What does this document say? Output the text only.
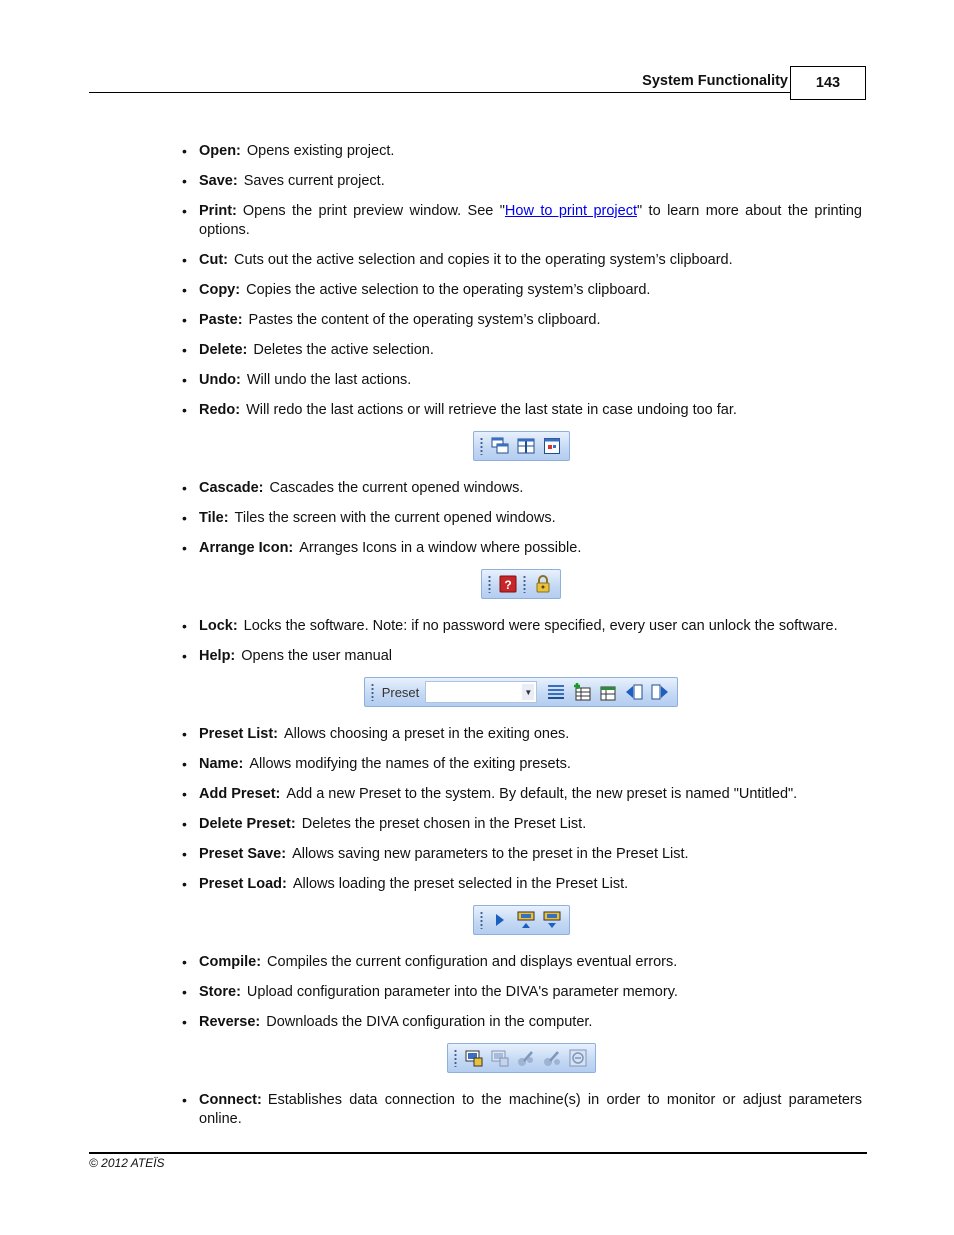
System Functionality 143
• Open: Opens existing project.
• Save: Saves current project.
• Print: Opens the print preview window. See "How to print project" to learn more about the printing options.
• Cut: Cuts out the active selection and copies it to the operating system’s clipboard.
• Copy: Copies the active selection to the operating system’s clipboard.
• Paste: Pastes the content of the operating system’s clipboard.
• Delete: Deletes the active selection.
• Undo: Will undo the last actions.
• Redo: Will redo the last actions or will retrieve the last state in case undoing too far.
• Cascade: Cascades the current opened windows.
• Tile: Tiles the screen with the current opened windows.
• Arrange Icon: Arranges Icons in a window where possible.
?
• Lock: Locks the software. Note: if no password were specified, every user can unlock the software.
• Help: Opens the user manual
Preset	▼
• Preset List: Allows choosing a preset in the exiting ones.
• Name: Allows modifying the names of the exiting presets.
• Add Preset: Add a new Preset to the system. By default, the new preset is named "Untitled".
• Delete Preset: Deletes the preset chosen in the Preset List.
• Preset Save: Allows saving new parameters to the preset in the Preset List.
• Preset Load: Allows loading the preset selected in the Preset List.
• Compile: Compiles the current configuration and displays eventual errors.
• Store: Upload configuration parameter into the DIVA's parameter memory.
• Reverse: Downloads the DIVA configuration in the computer.
• Connect: Establishes data connection to the machine(s) in order to monitor or adjust parameters online.
© 2012 ATEÏS
